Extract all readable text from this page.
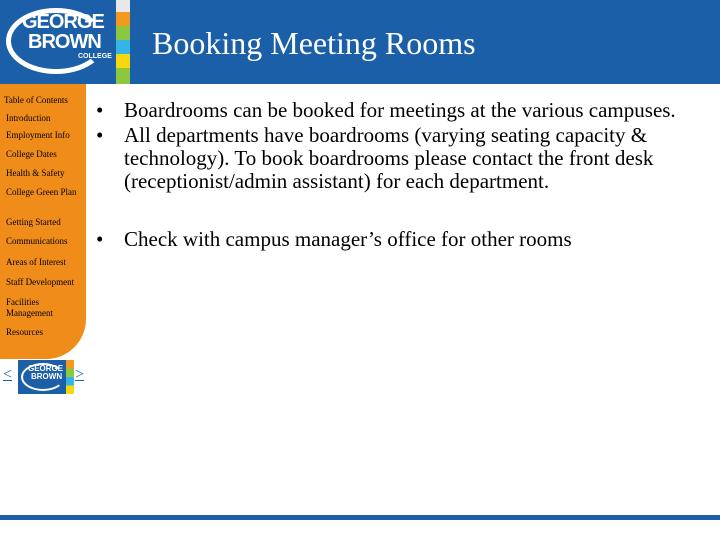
GEORGE
BROWN
COLLEGE Booking Meeting Rooms
Table of Contents
Introduction
Employment Info
College Dates
Health & Safety
College Green Plan
Getting Started
Communications
Areas of Interest
Staff Development
Facilities Management
Resources
< GEORGE
BROWN >
• Boardrooms can be booked for meetings at the various campuses.
• All departments have boardrooms (varying seating capacity & technology). To book boardrooms please contact the front desk (receptionist/admin assistant) for each department.
• Check with campus manager’s office for other rooms
